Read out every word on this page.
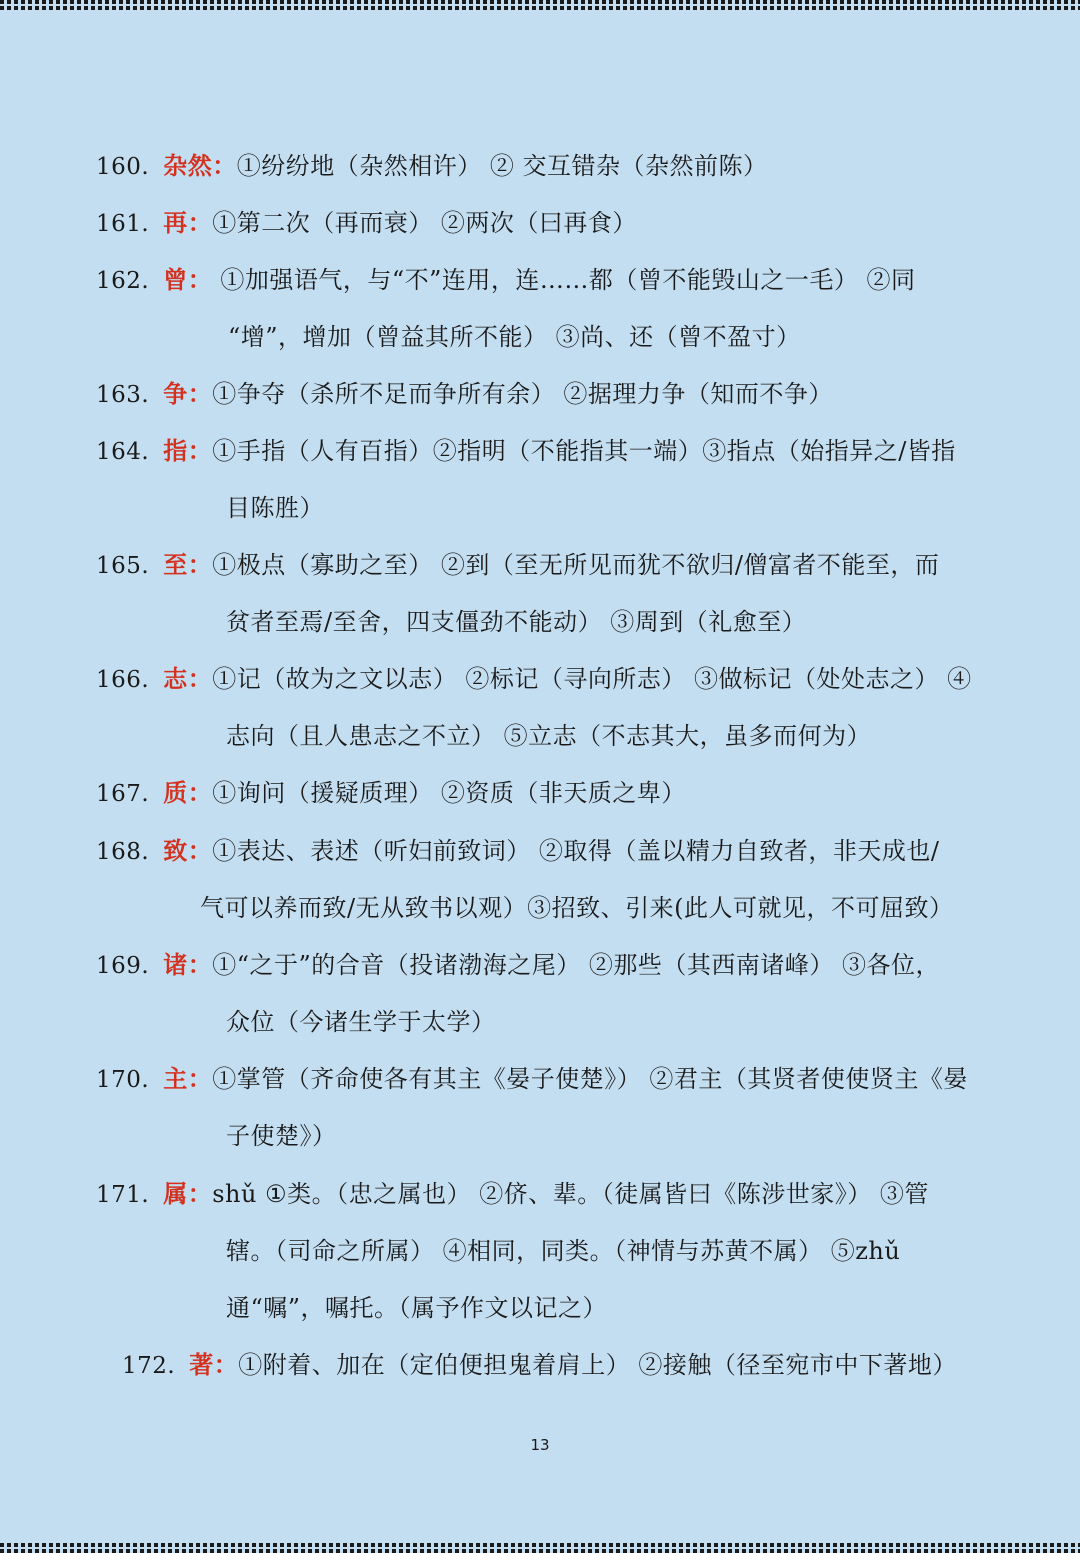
160. 杂然：①纷纷地（杂然相许） ② 交互错杂（杂然前陈）
161. 再：①第二次（再而衰） ②两次（曰再食）
162. 曾： ①加强语气，与“不”连用，连……都（曾不能毁山之一毛） ②同
“增”，增加（曾益其所不能） ③尚、还（曾不盈寸）
163. 争：①争夺（杀所不足而争所有余） ②据理力争（知而不争）
164. 指：①手指（人有百指）②指明（不能指其一端）③指点（始指异之/皆指
目陈胜）
165. 至：①极点（寡助之至） ②到（至无所见而犹不欲归/僧富者不能至，而
贫者至焉/至舍，四支僵劲不能动） ③周到（礼愈至）
166. 志：①记（故为之文以志） ②标记（寻向所志） ③做标记（处处志之） ④
志向（且人患志之不立） ⑤立志（不志其大，虽多而何为）
167. 质：①询问（援疑质理） ②资质（非天质之卑）
168. 致：①表达、表述（听妇前致词） ②取得（盖以精力自致者，非天成也/
气可以养而致/无从致书以观）③招致、引来(此人可就见，不可屈致）
169. 诸：①“之于”的合音（投诸渤海之尾） ②那些（其西南诸峰） ③各位，
众位（今诸生学于太学）
170. 主：①掌管（齐命使各有其主《晏子使楚》） ②君主（其贤者使使贤主《晏
子使楚》）
171. 属：shǔ ①类。（忠之属也） ②侪、辈。（徒属皆曰《陈涉世家》） ③管
辖。（司命之所属） ④相同，同类。（神情与苏黄不属） ⑤zhǔ
通“嘱”，嘱托。（属予作文以记之）
172. 著：①附着、加在（定伯便担鬼着肩上） ②接触（径至宛市中下著地）
13
